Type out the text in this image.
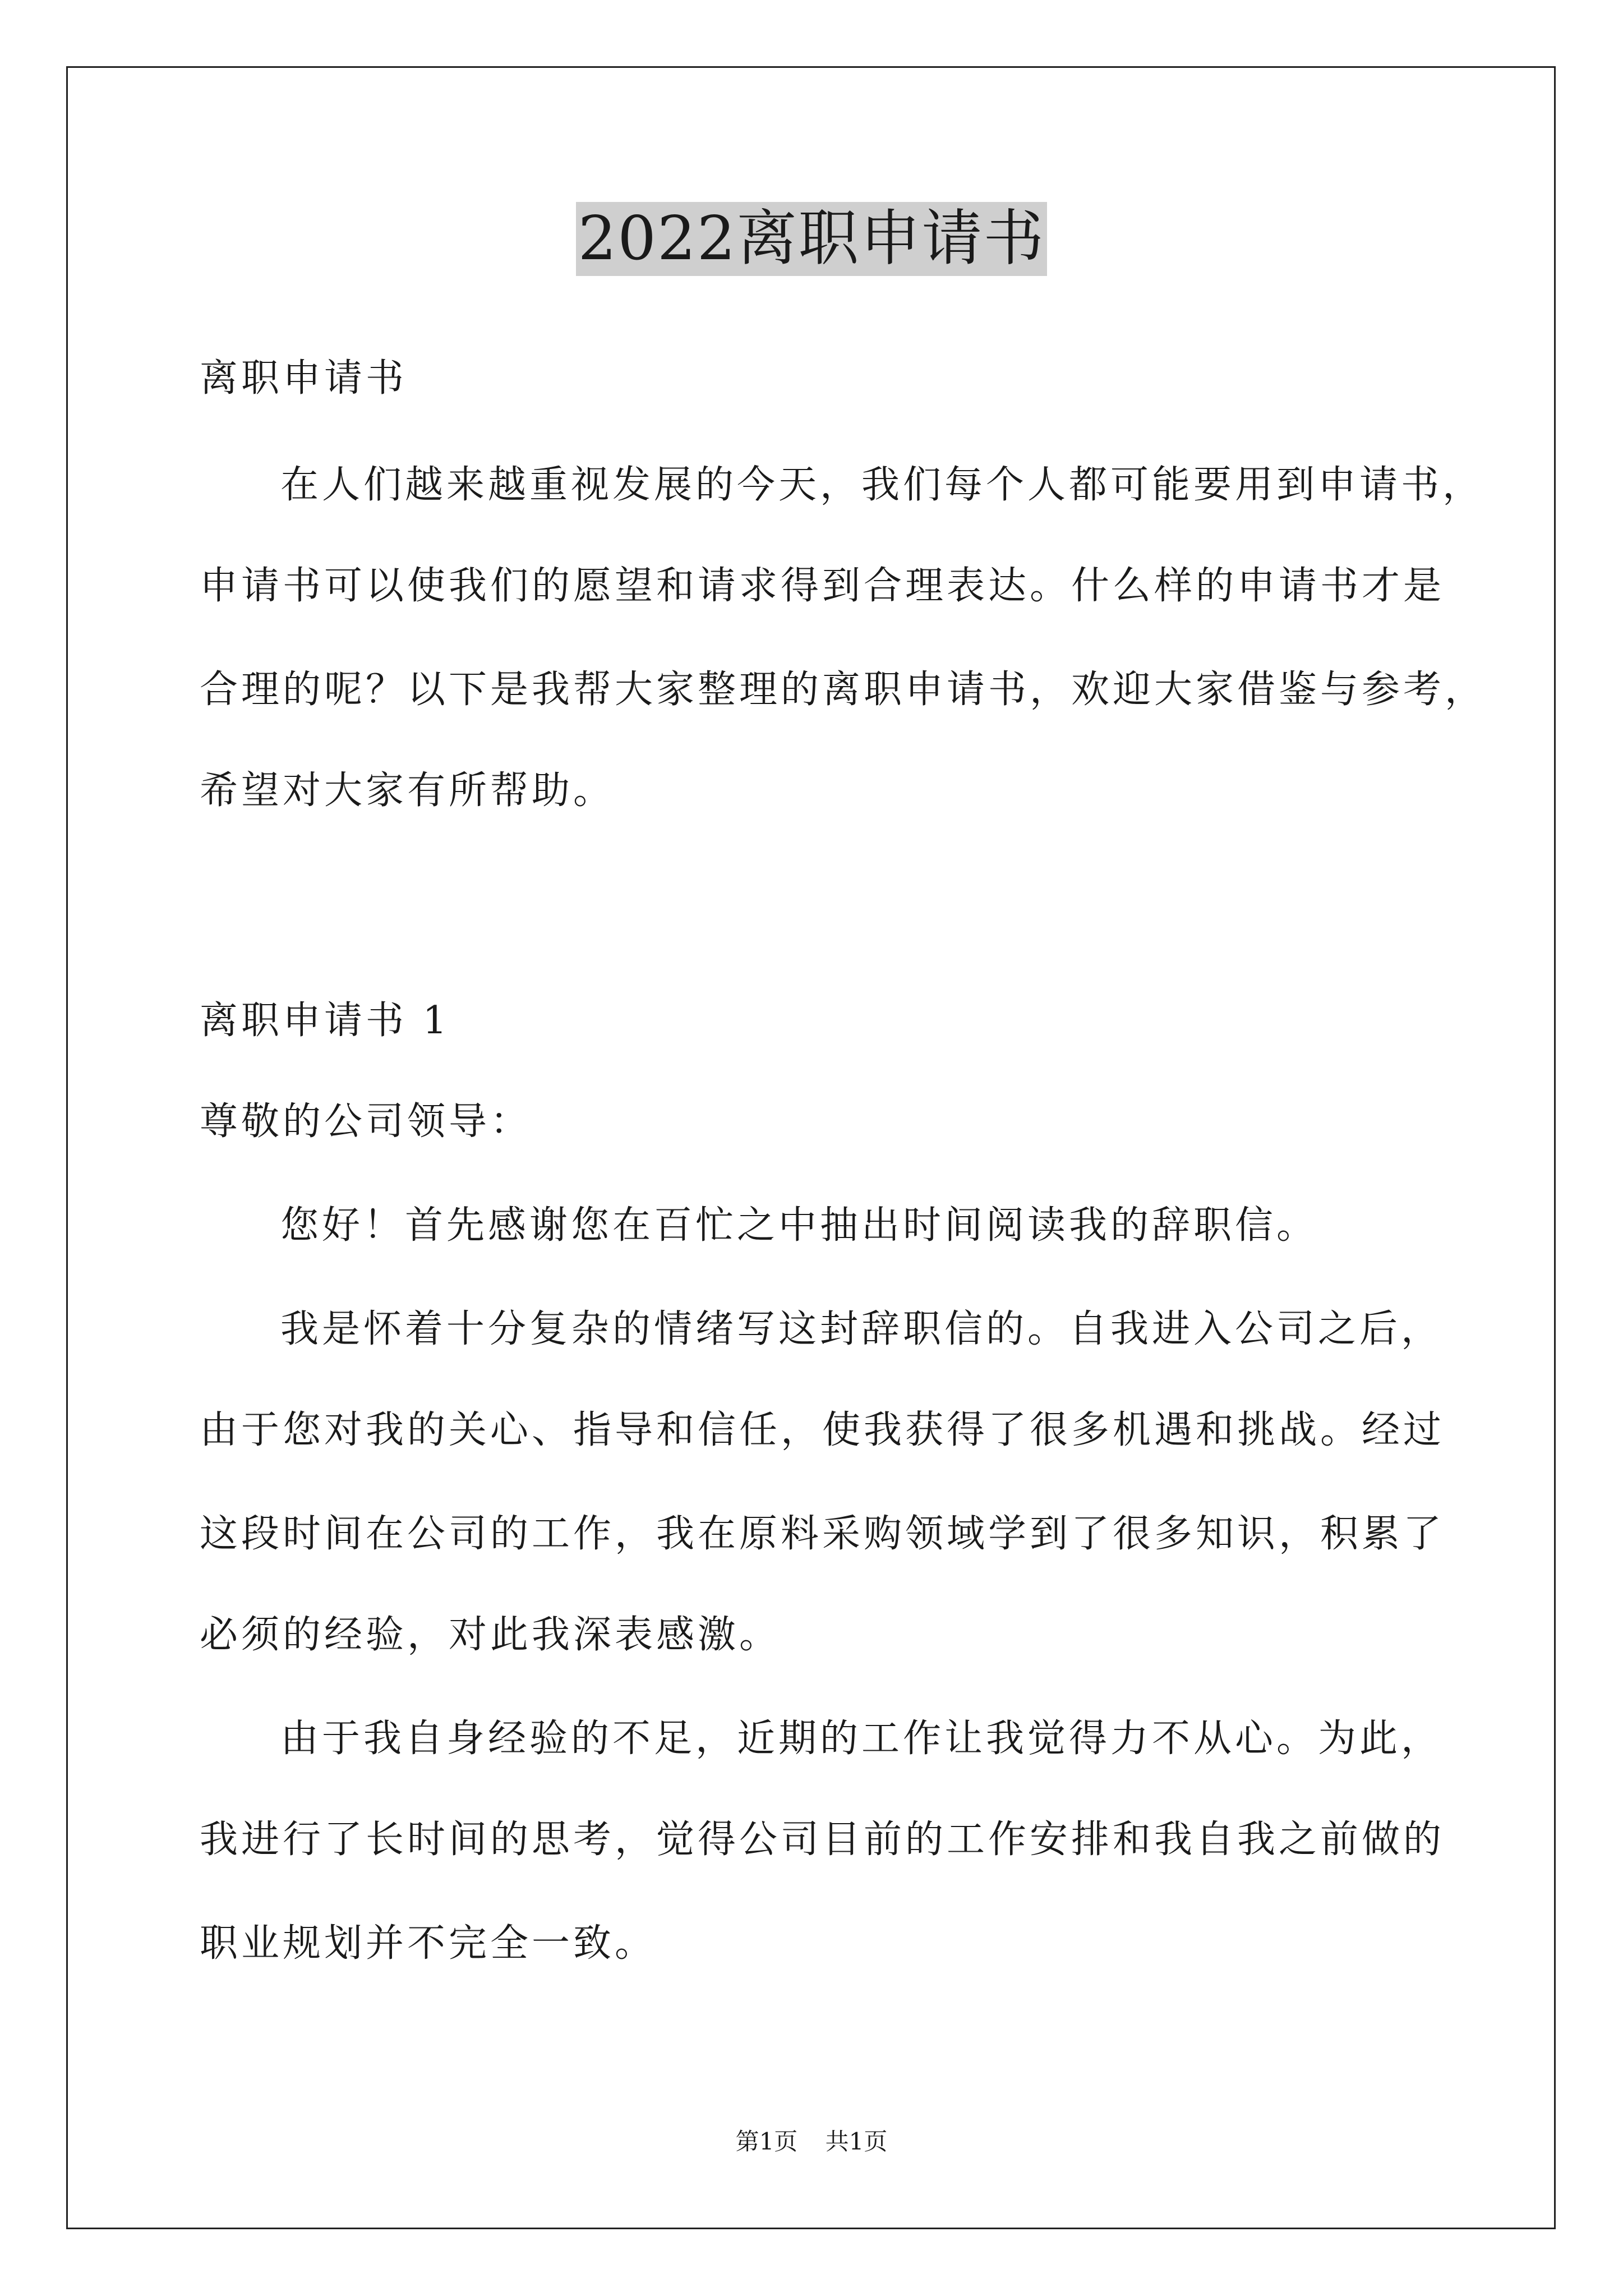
2022离职申请书
离职申请书
在人们越来越重视发展的今天，我们每个人都可能要用到申请书，
申请书可以使我们的愿望和请求得到合理表达。什么样的申请书才是
合理的呢？以下是我帮大家整理的离职申请书，欢迎大家借鉴与参考，
希望对大家有所帮助。
离职申请书 1
尊敬的公司领导：
您好！首先感谢您在百忙之中抽出时间阅读我的辞职信。
我是怀着十分复杂的情绪写这封辞职信的。自我进入公司之后，
由于您对我的关心、指导和信任，使我获得了很多机遇和挑战。经过
这段时间在公司的工作，我在原料采购领域学到了很多知识，积累了
必须的经验，对此我深表感激。
由于我自身经验的不足，近期的工作让我觉得力不从心。为此，
我进行了长时间的思考，觉得公司目前的工作安排和我自我之前做的
职业规划并不完全一致。
第1页 共1页
